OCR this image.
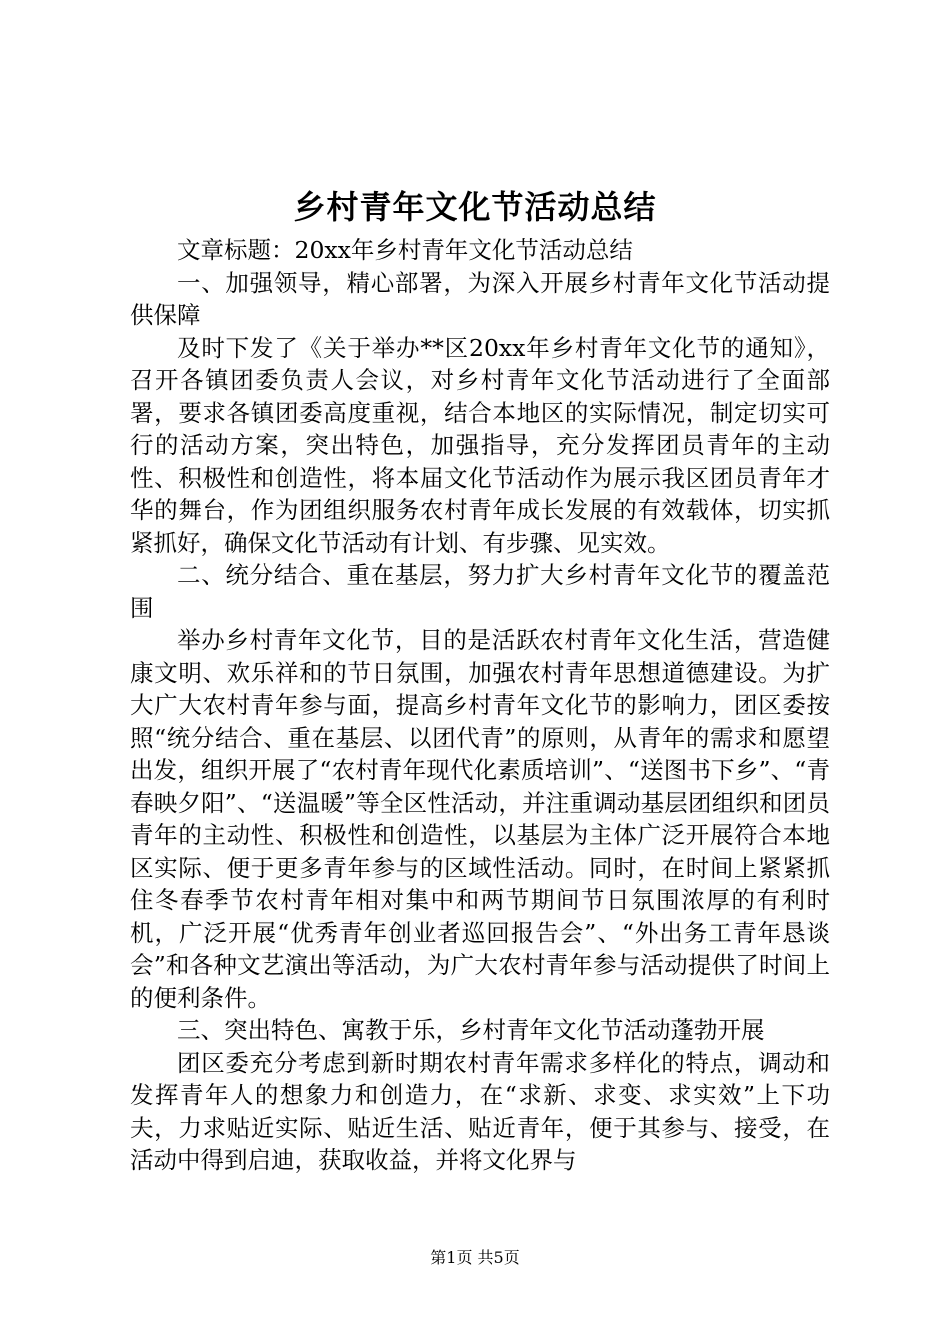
乡村青年文化节活动总结

文章标题：20xx年乡村青年文化节活动总结

一、加强领导，精心部署，为深入开展乡村青年文化节活动提供保障

及时下发了《关于举办**区20xx年乡村青年文化节的通知》，召开各镇团委负责人会议，对乡村青年文化节活动进行了全面部署，要求各镇团委高度重视，结合本地区的实际情况，制定切实可行的活动方案，突出特色，加强指导，充分发挥团员青年的主动性、积极性和创造性，将本届文化节活动作为展示我区团员青年才华的舞台，作为团组织服务农村青年成长发展的有效载体，切实抓紧抓好，确保文化节活动有计划、有步骤、见实效。

二、统分结合、重在基层，努力扩大乡村青年文化节的覆盖范围

举办乡村青年文化节，目的是活跃农村青年文化生活，营造健康文明、欢乐祥和的节日氛围，加强农村青年思想道德建设。为扩大广大农村青年参与面，提高乡村青年文化节的影响力，团区委按照“统分结合、重在基层、以团代青”的原则，从青年的需求和愿望出发，组织开展了“农村青年现代化素质培训”、“送图书下乡”、“青春映夕阳”、“送温暖”等全区性活动，并注重调动基层团组织和团员青年的主动性、积极性和创造性，以基层为主体广泛开展符合本地区实际、便于更多青年参与的区域性活动。同时，在时间上紧紧抓住冬春季节农村青年相对集中和两节期间节日氛围浓厚的有利时机，广泛开展“优秀青年创业者巡回报告会”、“外出务工青年恳谈会”和各种文艺演出等活动，为广大农村青年参与活动提供了时间上的便利条件。

三、突出特色、寓教于乐，乡村青年文化节活动蓬勃开展

团区委充分考虑到新时期农村青年需求多样化的特点，调动和发挥青年人的想象力和创造力，在“求新、求变、求实效”上下功夫，力求贴近实际、贴近生活、贴近青年，便于其参与、接受，在活动中得到启迪，获取收益，并将文化界与

第1页 共5页
